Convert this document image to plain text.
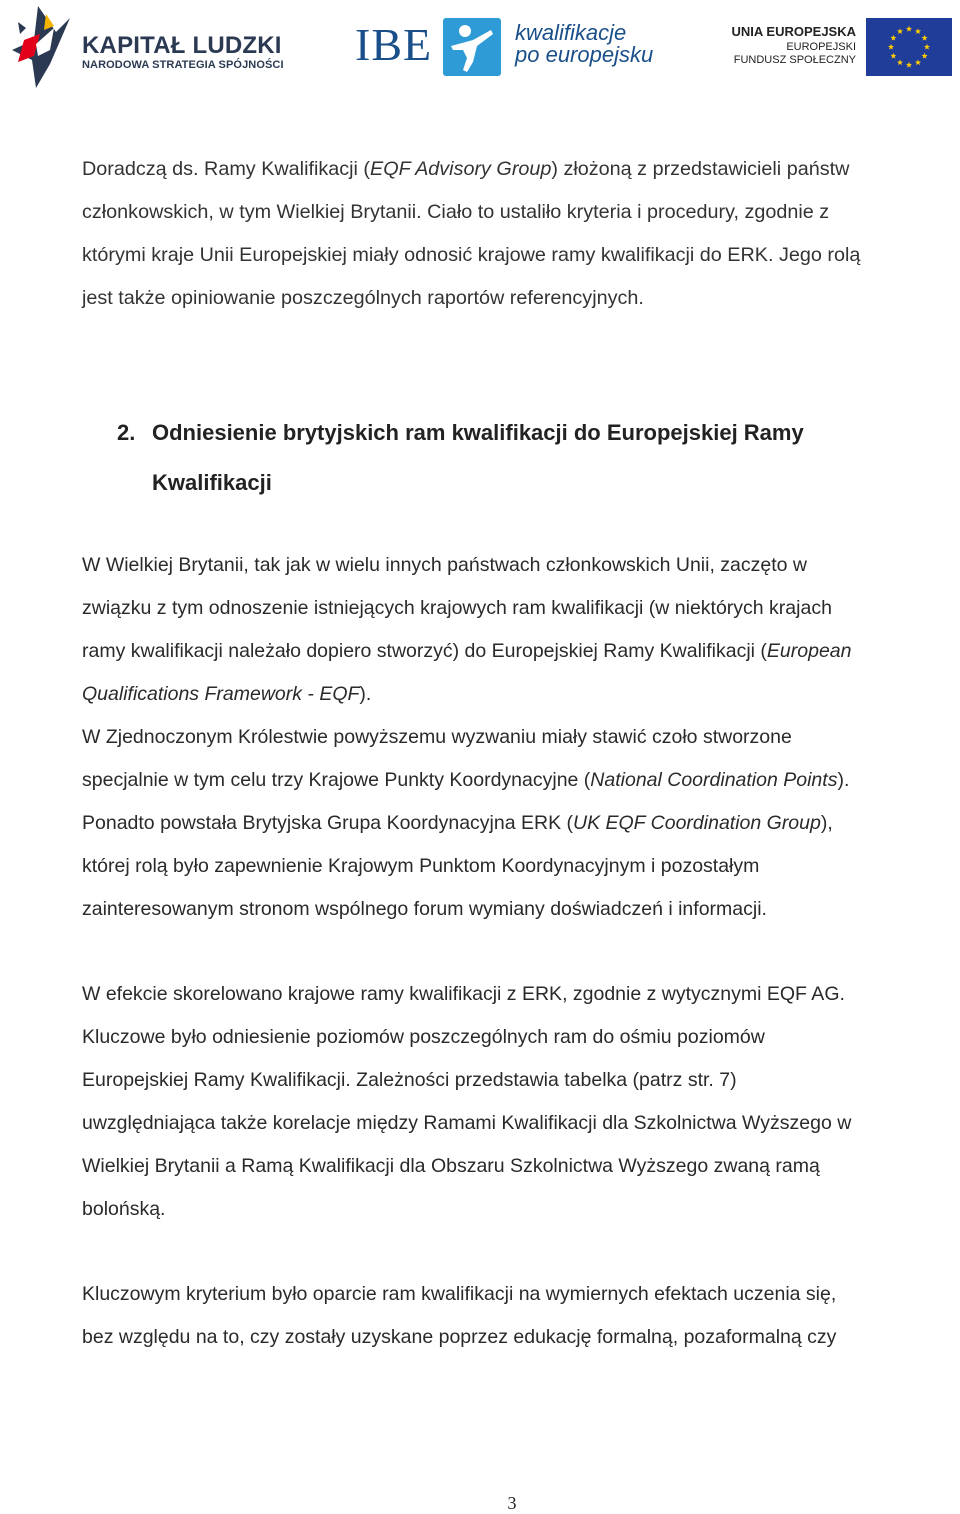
KAPITAŁ LUDZKI
NARODOWA STRATEGIA SPÓJNOŚCI IBE	kwalifikacje
po europejsku
UNIA EUROPEJSKA
EUROPEJSKI
FUNDUSZ SPOŁECZNY
Doradczą ds. Ramy Kwalifikacji (EQF Advisory Group) złożoną z przedstawicieli państw
członkowskich, w tym Wielkiej Brytanii. Ciało to ustaliło kryteria i procedury, zgodnie z
którymi kraje Unii Europejskiej miały odnosić krajowe ramy kwalifikacji do ERK. Jego rolą
jest także opiniowanie poszczególnych raportów referencyjnych.
2. Odniesienie brytyjskich ram kwalifikacji do Europejskiej Ramy
Kwalifikacji
W Wielkiej Brytanii, tak jak w wielu innych państwach członkowskich Unii, zaczęto w
związku z tym odnoszenie istniejących krajowych ram kwalifikacji (w niektórych krajach
ramy kwalifikacji należało dopiero stworzyć) do Europejskiej Ramy Kwalifikacji (European
Qualifications Framework - EQF).
W Zjednoczonym Królestwie powyższemu wyzwaniu miały stawić czoło stworzone
specjalnie w tym celu trzy Krajowe Punkty Koordynacyjne (National Coordination Points).
Ponadto powstała Brytyjska Grupa Koordynacyjna ERK (UK EQF Coordination Group),
której rolą było zapewnienie Krajowym Punktom Koordynacyjnym i pozostałym
zainteresowanym stronom wspólnego forum wymiany doświadczeń i informacji.
W efekcie skorelowano krajowe ramy kwalifikacji z ERK, zgodnie z wytycznymi EQF AG.
Kluczowe było odniesienie poziomów poszczególnych ram do ośmiu poziomów
Europejskiej Ramy Kwalifikacji. Zależności przedstawia tabelka (patrz str. 7)
uwzględniająca także korelacje między Ramami Kwalifikacji dla Szkolnictwa Wyższego w
Wielkiej Brytanii a Ramą Kwalifikacji dla Obszaru Szkolnictwa Wyższego zwaną ramą
bolońską.
Kluczowym kryterium było oparcie ram kwalifikacji na wymiernych efektach uczenia się,
bez względu na to, czy zostały uzyskane poprzez edukację formalną, pozaformalną czy
3
